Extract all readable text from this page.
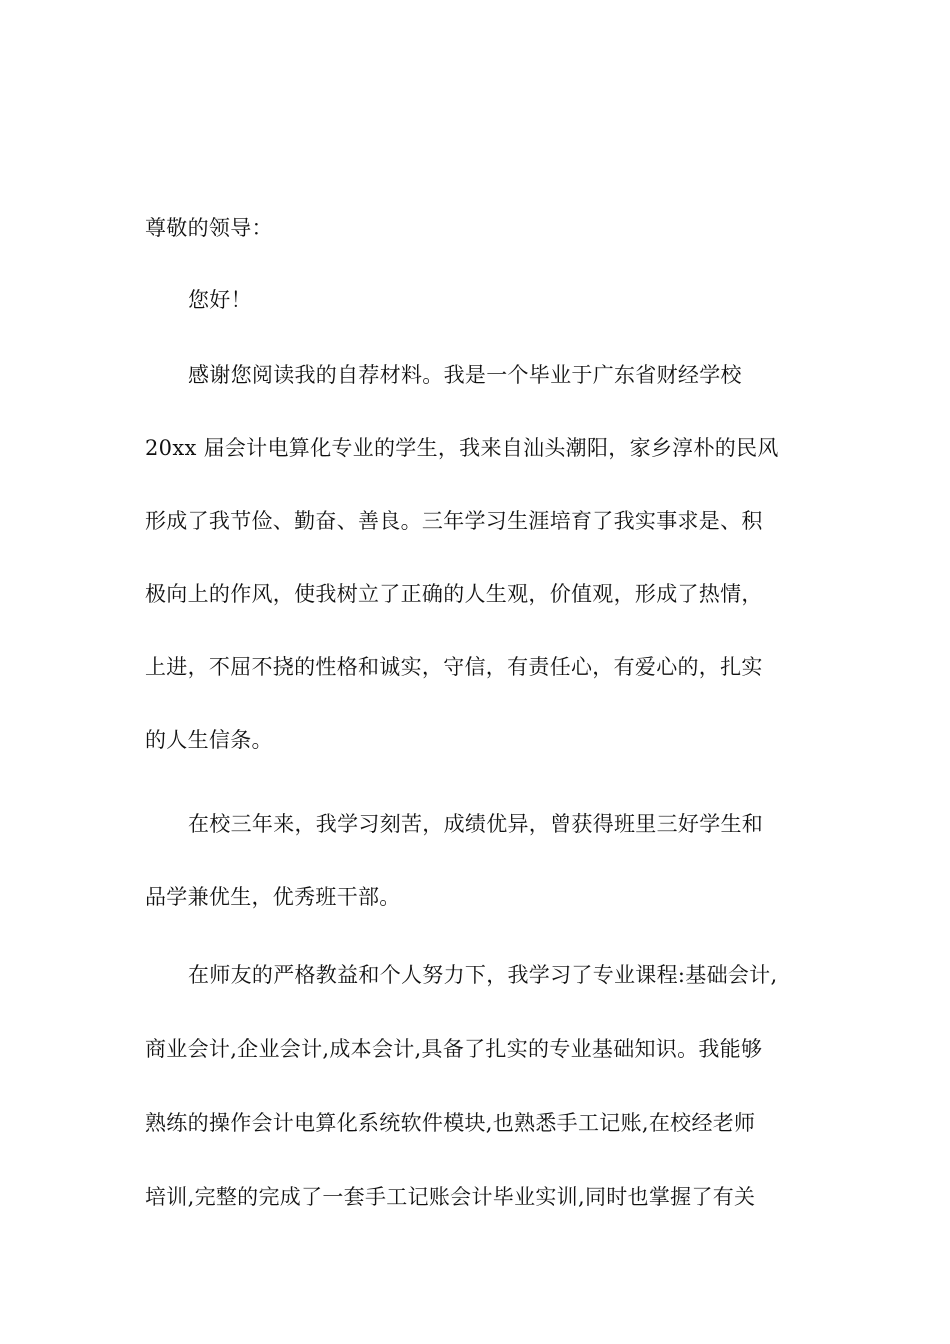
尊敬的领导：
您好！
感谢您阅读我的自荐材料。我是一个毕业于广东省财经学校
20xx 届会计电算化专业的学生，我来自汕头潮阳，家乡淳朴的民风
形成了我节俭、勤奋、善良。三年学习生涯培育了我实事求是、积
极向上的作风，使我树立了正确的人生观，价值观，形成了热情，
上进，不屈不挠的性格和诚实，守信，有责任心，有爱心的，扎实
的人生信条。
在校三年来，我学习刻苦，成绩优异，曾获得班里三好学生和
品学兼优生，优秀班干部。
在师友的严格教益和个人努力下，我学习了专业课程:基础会计,
商业会计,企业会计,成本会计,具备了扎实的专业基础知识。我能够
熟练的操作会计电算化系统软件模块,也熟悉手工记账,在校经老师
培训,完整的完成了一套手工记账会计毕业实训,同时也掌握了有关
